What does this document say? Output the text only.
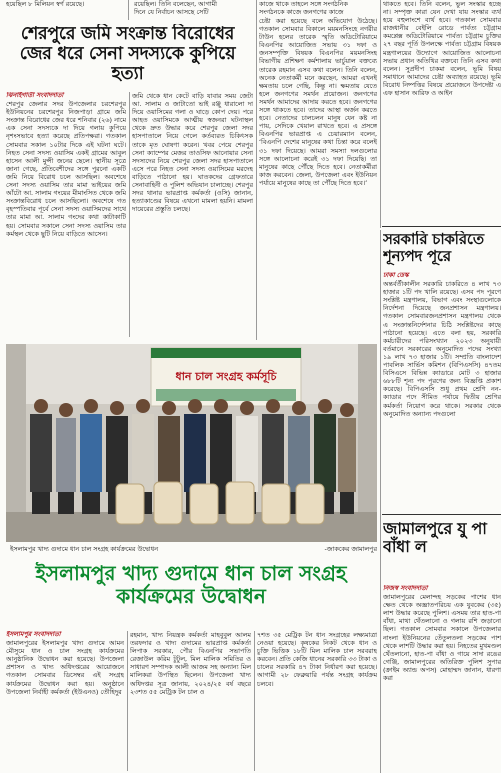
হয়েছিল ৮ মিলিয়ন স্বর্ণ রয়েছে।	রয়েছিল। তিনি বলেছেন, আগামী
দিনে যে নির্বাচন আসছে সেটি
শেরপুরে জমি সংক্রান্ত বিরোধের জের ধরে সেনা সদস্যকে কুপিয়ে হত্যা
ঝিনাইগাতী সংবাদদাতা

শেরপুর জেলার সদর উপজেলার চরশেরপুর ইউনিয়নের চরশেরপুর নিজপাড়া গ্রামে জমি সংক্রান্ত বিরোধের জের ধরে শনিবার (২৬) নামে এক সেনা সদস্যকে দা দিয়ে গলায় কুপিয়ে নৃশংসভাবে হত্যা করেছে প্রতিপক্ষরা। গতকাল সোমবার সকাল ১০টার দিকে এই ঘটনা ঘটে। নিহত সেনা সদস্য ওয়াসিম একই গ্রামের আবুল হাসেন আলী মুন্সী জনের ছেলে। স্থানীয় সূত্রে জানা গেছে, প্রতিবেশীদের সঙ্গে পুরনো একটি জমি নিয়ে বিরোধ চলে আসছিল। অবশেষে সেনা সদস্য ওয়াসিম তার মামা ভাইয়ের জমি আঁটো আ. সালাম গংয়ের মীমাংসিত থেকে জমি সংক্রান্তবিরোধ চলে আসছিলো। অবশেষে গত বৃহস্পতিবার পূর্বে সেনা সদস্য ওয়াসিমদের সাথে তার মামা আ. সালাম গংদের কথা কাটাকাটি হয়। সোমবার সকালে সেনা সদস্য ওয়াসিম তার কর্মস্থল থেকে ছুটি নিয়ে বাড়িতে আসেন।

জমি থেকে ধান কেটে বাড়ি যাবার সময় জেটা আ. সালাম ও জাটাতো ভাই রঞ্জু ধারালো দা দিয়ে ওয়াসিমের গলা ও ঘাড়ে কোপ দেয়। পরে আহত ওয়াসিমকে আত্মীয় স্বজনরা ঘটনাস্থল থেকে দ্রুত উদ্ধার করে শেরপুর জেলা সদর হাসপাতালে নিয়ে গেলে কর্তব্যরত চিকিৎসক তাকে মৃত ঘোষণা করেন। খবর পেয়ে শেরপুর সেনা ক্যাম্পের মেজর তাওসিফ আনোয়ার সেনা সদস্যদের নিয়ে শেরপুর জেলা সদর হাসপাতালে এসে পরে নিহত সেনা সদস্য ওয়াসিমের মরদেহ বাড়িতে পাঠানো হয়। ঘাতকদের গ্রেফতারে সেনাবাহিনী ও পুলিশ অভিযান চালাচ্ছে। শেরপুর সদর থানার ভারপ্রাপ্ত কর্মকর্তা (ওসি) জানান, হত্যাকাণ্ডের বিষয়ে এখনো মামলা হয়নি। মামলা দায়েরের প্রস্তুতি চলছে।

কাজে থাকে তাহলে সঙ্গে সংগঠনিক
সংগঠনকে কাজে জনগণের কাজে

চেষ্টা করা হয়েছে বলে অভিযোগ উঠেছে। গতকাল সোমবার বিকালে ময়মনসিংহে নগরীর টাউন হলের তারেক স্মৃতি অডিটোরিয়ামে বিএনপির আয়োজিত সভায় ৩১ দফা ও জনসম্পৃক্তি বিষয়ক বিএনপির ময়মনসিংহ বিভাগীয় প্রশিক্ষণ কর্মশালায় ভার্চুয়াল বক্তব্যে তারেক রহমান এসব কথা বলেন। তিনি বলেন, অনেক নেতাকর্মী মনে করছেন, আমরা এখনই ক্ষমতায় চলে গেছি, কিন্তু না। ক্ষমতায় যেতে হলে জনগণের সমর্থন প্রয়োজন। জনগণের সমর্থন আমাদের আদায় করতে হবে। জনগণের সঙ্গে থাকতে হবে। তাদের আস্থা অর্জন করতে হবে। নেতাদের চালচলন মানুষ যেন কষ্ট না পায়, সেদিকে খেয়াল রাখতে হবে। এ প্রসঙ্গে বিএনপির ভারপ্রাপ্ত এ চেয়ারম্যান বলেন, ‘বিএনপি দেশের মানুষের কথা চিন্তা করে বলেই ৩১ দফা দিয়েছে। আমরা সমস্যা দলগুলোর সঙ্গে আলোচনা করেই ৩১ দফা দিয়েছি। তা মানুষের কাছে পৌঁছে দিতে হবে। নেতাকর্মীরা কাজ করবেন। জেলা, উপজেলা এবং ইউনিয়ন পর্যায়ে মানুষের কাছে তা পৌঁছে দিতে হবে।’

থাকতে হবে। তিনি বলেন, ভুল সংস্কার হচ্ছে না। সম্পৃক্ত কারা যেন দেখা যায় সংস্কার ব্যর্থ হয়ে বহুলাংশে ব্যর্থ হবে। গতকাল সোমবার রাজধানীর বেইলি রোডে পার্বত্য চট্টগ্রাম কমপ্লেক্স অডিটোরিয়ামে পার্বত্য চট্টগ্রাম চুক্তির ২৭ বছর পূর্তি উপলক্ষে পার্বত্য চট্টগ্রাম বিষয়ক মন্ত্রণালয়ের উদ্যোগে আয়োজিত আলোচনা সভায় প্রধান অতিথির বক্তব্যে তিনি এসব কথা বলেন। সুপ্রদীপ চাকমা বলেন, ভূমি বিষয় সমাধানে আমাদের চেষ্টা অব্যাহত রয়েছে। ভূমি বিরোধ নিষ্পত্তির বিষয়ে প্রয়োজনে উপদেষ্টা এ এফ হাসান আরিফ ও আইন

সরকারি চাকরিতে শূন্যপদ পূরে
ঢাকা ডেস্ক

অন্তর্বর্তীকালীন সরকারি চাকরিতে ৪ লাখ ৭৩ হাজার ১টি পদ খালি রয়েছে। এসব পদ পূরণে সংশ্লিষ্ট মন্ত্রণালয়, বিভাগ এবং সংস্থাগুলোকে নির্দেশনা দিয়েছে জনপ্রশাসন মন্ত্রণালয়। গতকাল সোমবারজনপ্রশাসন মন্ত্রণালয় থেকে এ সংক্রান্তনির্দেশনার চিঠি সংশ্লিষ্টদের কাছে পাঠানো হয়েছে। এতে বলা হয়, সরকারি কর্মচারীদের পরিসংখ্যান ২০২৩ অনুযায়ী বর্তমানে সরকারের অনুমোদিত পদের সংখ্যা ১৯ লাখ ৭৩ হাজার ১টি। সম্প্রতি বাংলাদেশ পাবলিক সার্ভিস কমিশন (বিপিএসসি) ৪৭তম বিসিএসে বিভিন্ন ক্যাডারে মোট ৩ হাজার ৬৮৮টি শূন্য পদ পূরণের জন্য বিজ্ঞপ্তি প্রকাশ করেছে। বিপিএসসি শুধু প্রথম শ্রেণি নন-ক্যাডার পদে সীমিত পর্যায়ে দ্বিতীয় শ্রেণির কর্মকর্তা নিয়োগ করে থাকে। সরকার থেকে অনুমোদিত অন্যান্য পদগুলো

জামালপুরে যু পা বাঁধা ল
নিজস্ব সংবাদদাতা

জামালপুরের মেলান্দহ সড়কের পাশের ধান ক্ষেত থেকে অজ্ঞাতপরিচয় এক যুবকের (৩৫) লাশ উদ্ধার করেছে পুলিশ। এসময় তার হাত-পা বাঁধা, মাথা থেঁতলানো ও গলায় রশি জড়ানো ছিল। গতকাল সোমবার সকালে উপজেলার নাংলা ইউনিয়নের তেঁতুলতলা সড়কের পাশ থেকে লাশটি উদ্ধার করা হয়। নিহতের মুখমণ্ডল থেঁতলানো, হাত-পা বাঁধা ও গায়ে সাদা রঙের গেঞ্জি, জামালপুরের অতিরিক্ত পুলিশ সুপার (ক্রাইম অ্যান্ড অপস) মোহাম্মদ জানান, ধারণা করা

ধান চাল সংগ্রহ কর্মসূচি
ইসলামপুর খাদ্য গুদামে ধান চাল সংগ্রহ কার্যক্রমের উদ্বোধন	-জাককের জামালপুর
ইসলামপুর খাদ্য গুদামে ধান চাল সংগ্রহ কার্যক্রমের উদ্বোধন
ইসলামপুর সংবাদদাতা

জামালপুরের ইসলামপুর খাদ্য গুদামে আমন মৌসুমে ধান ও চাল সংগ্রহ কার্যক্রমের আনুষ্ঠানিক উদ্বোধন করা হয়েছে। উপজেলা প্রশাসন ও খাদ্য অধিদপ্তরের আয়োজনে গতকাল সোমবার ডিসেম্বর এই সংগ্রহ কার্যক্রমের উদ্বোধন করা হয়। অনুষ্ঠানে উপজেলা নির্বাহী কর্মকর্তা (ইউএনও) তৌহিদুর

রহমান, খাদ্য নিয়ন্ত্রক কর্মকর্তা মাহবুবুল আলম তরফদার ও খাদ্য গুদামের ভারপ্রাপ্ত কর্মকর্তা লিপাক সরকার, পৌর বিএনপির সভাপতি রেজাউল করিম টুটুল, মিল মালিক সমিতির ও সাধারণ সম্পাদক আলী আজম সহ অন্যান্য মিল মালিকরা উপস্থিত ছিলেন। উপজেলা খাদ্য অধিদপ্তর সূত্র জানায়, ২০২৪/২৫ বর্ষ বছরে ২৩শত ৫৫ মেট্রিক টন চাল ও

৭শত ৩৫ মেট্রিক টন ধান সংগ্রহের লক্ষ্যমাত্রা নেওয়া হয়েছে। কৃষকের নিকট থেকে ধান ও চুক্তি ভিত্তিক ১৮টি মিল মালিক চাল সরবরাহ করবেন। প্রতি কেজি ধানের সরকারি ৩৩ টাকা ও চালের সরকারি ৪৭ টাকা নির্ধারণ করা হয়েছে। আগামী ২৮ ফেব্রুয়ারি পর্যন্ত সংগ্রহ কার্যক্রম চলবে।
